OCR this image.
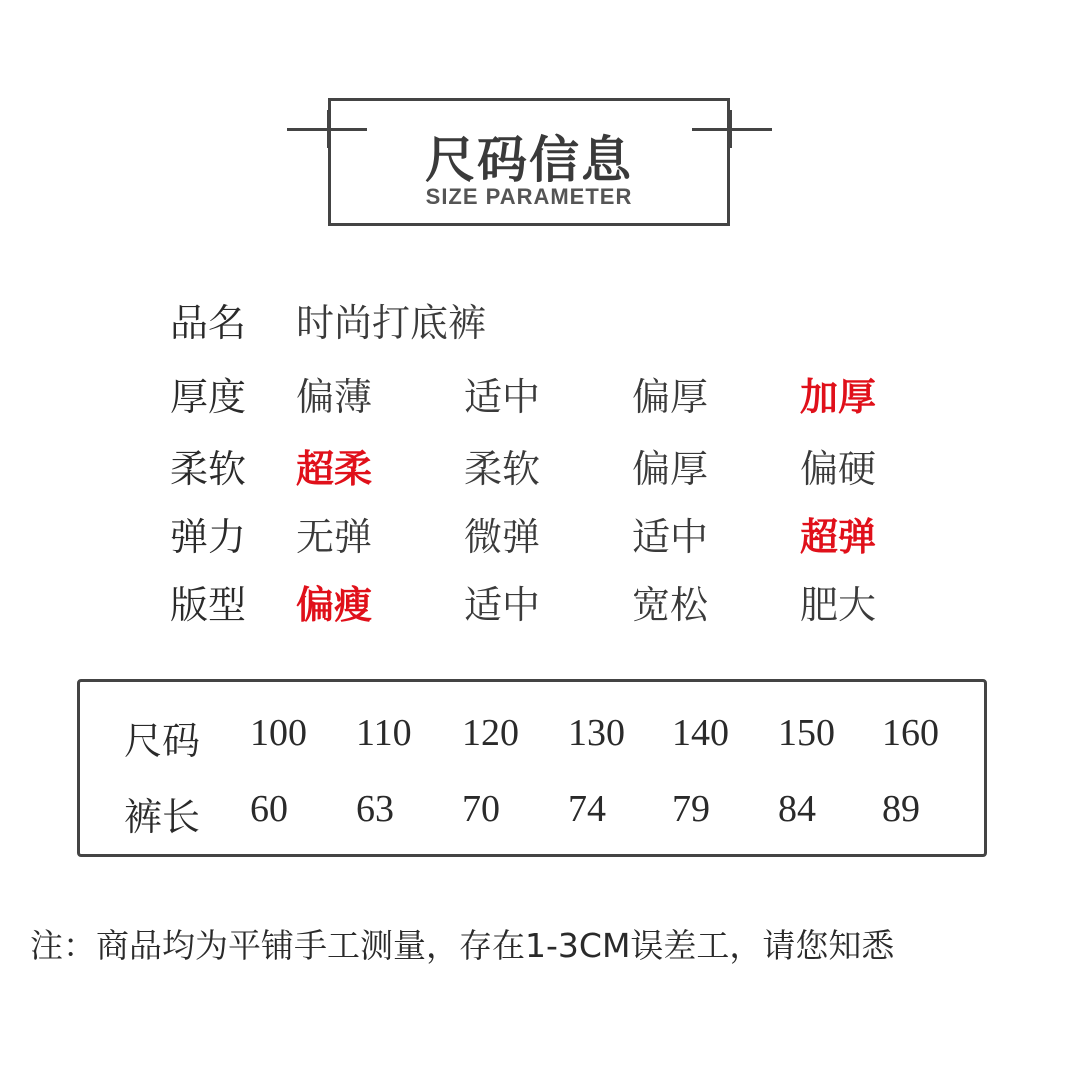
尺码信息
SIZE PARAMETER
品名 时尚打底裤
厚度 偏薄 适中 偏厚 加厚
柔软 超柔 柔软 偏厚 偏硬
弹力 无弹 微弹 适中 超弹
版型 偏瘦 适中 宽松 肥大
尺码
裤长
100 110 120 130 140 150 160
60 63 70 74 79 84 89
注：商品均为平铺手工测量，存在1-3CM误差工，请您知悉
